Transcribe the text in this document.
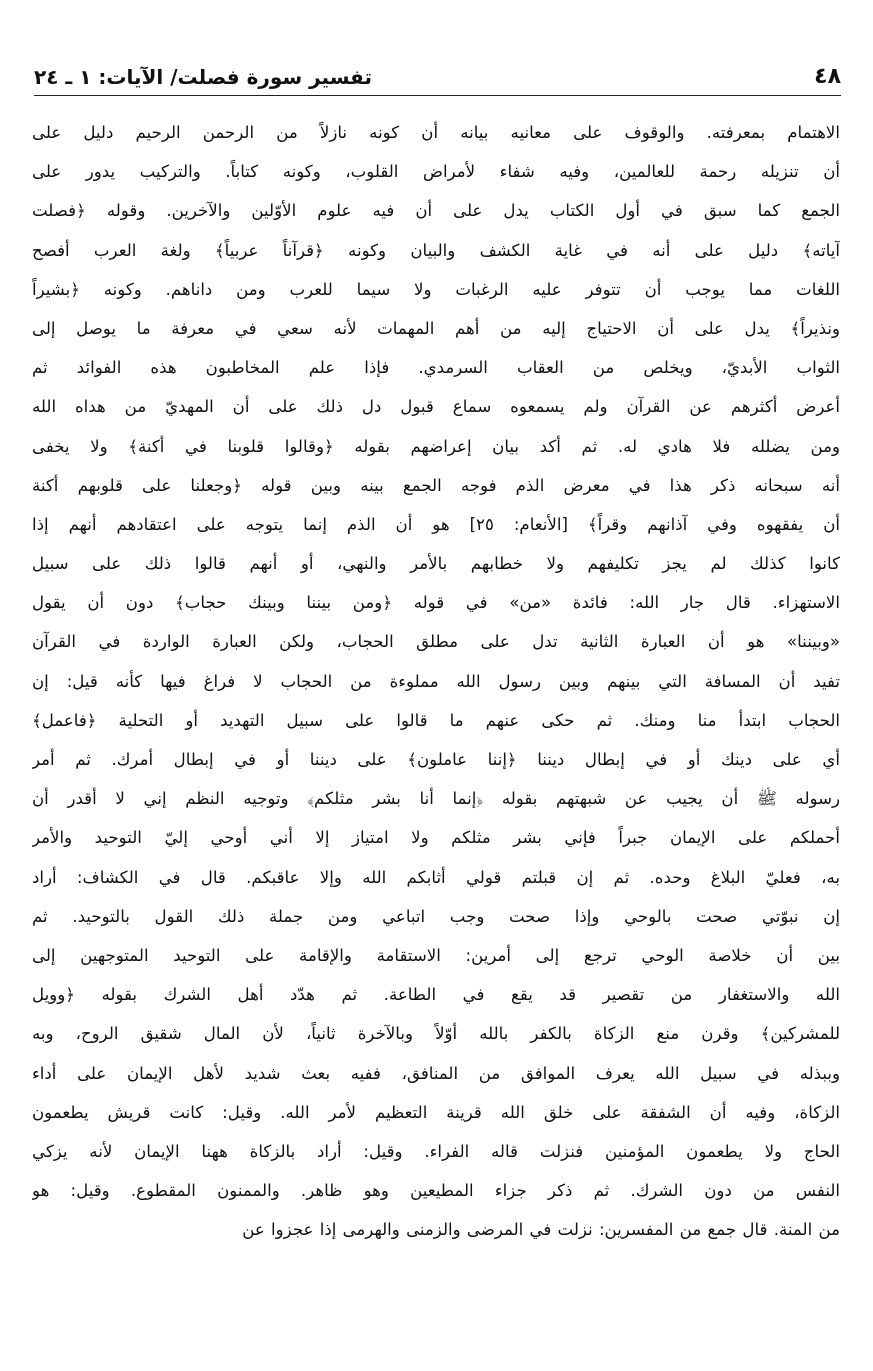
٤٨
تفسير سورة فصلت/ الآيات: ١ ـ ٢٤
الاهتمام بمعرفته. والوقوف على معانيه بيانه أن كونه نازلاً من الرحمن الرحيم دليل على
أن تنزيله رحمة للعالمين، وفيه شفاء لأمراض القلوب، وكونه كتاباً. والتركيب يدور على
الجمع كما سبق في أول الكتاب يدل على أن فيه علوم الأوّلين والآخرين. وقوله ﴿فصلت
آياته﴾ دليل على أنه في غاية الكشف والبيان وكونه ﴿قرآناً عربياً﴾ ولغة العرب أفصح
اللغات مما يوجب أن تتوفر عليه الرغبات ولا سيما للعرب ومن داناهم. وكونه ﴿بشيراً
ونذيراً﴾ يدل على أن الاحتياج إليه من أهم المهمات لأنه سعي في معرفة ما يوصل إلى
الثواب الأبديّ، ويخلص من العقاب السرمدي. فإذا علم المخاطبون هذه الفوائد ثم
أعرض أكثرهم عن القرآن ولم يسمعوه سماع قبول دل ذلك على أن المهديّ من هداه الله
ومن يضلله فلا هادي له. ثم أكد بيان إعراضهم بقوله ﴿وقالوا قلوبنا في أكنة﴾ ولا يخفى
أنه سبحانه ذكر هذا في معرض الذم فوجه الجمع بينه وبين قوله ﴿وجعلنا على قلوبهم أكنة
أن يفقهوه وفي آذانهم وقراً﴾ [الأنعام: ٢٥] هو أن الذم إنما يتوجه على اعتقادهم أنهم إذا
كانوا كذلك لم يجز تكليفهم ولا خطابهم بالأمر والنهي، أو أنهم قالوا ذلك على سبيل
الاستهزاء. قال جار الله: فائدة «من» في قوله ﴿ومن بيننا وبينك حجاب﴾ دون أن يقول
«وبيننا» هو أن العبارة الثانية تدل على مطلق الحجاب، ولكن العبارة الواردة في القرآن
تفيد أن المسافة التي بينهم وبين رسول الله مملوءة من الحجاب لا فراغ فيها كأنه قيل: إن
الحجاب ابتدأ منا ومنك. ثم حكى عنهم ما قالوا على سبيل التهديد أو التحلية ﴿فاعمل﴾
أي على دينك أو في إبطال ديننا ﴿إننا عاملون﴾ على ديننا أو في إبطال أمرك. ثم أمر
رسوله ﷺ أن يجيب عن شبهتهم بقوله ﴿إنما أنا بشر مثلكم﴾ وتوجيه النظم إني لا أقدر أن
أحملكم على الإيمان جبراً فإني بشر مثلكم ولا امتياز إلا أني أوحي إليّ التوحيد والأمر
به، فعليّ البلاغ وحده. ثم إن قبلتم قولي أثابكم الله وإلا عاقبكم. قال في الكشاف: أراد
إن نبوّتي صحت بالوحي وإذا صحت وجب اتباعي ومن جملة ذلك القول بالتوحيد. ثم
بين أن خلاصة الوحي ترجع إلى أمرين: الاستقامة والإقامة على التوحيد المتوجهين إلى
الله والاستغفار من تقصير قد يقع في الطاعة. ثم هدّد أهل الشرك بقوله ﴿وويل
للمشركين﴾ وقرن منع الزكاة بالكفر بالله أوّلاً وبالآخرة ثانياً، لأن المال شقيق الروح، وبه
وببذله في سبيل الله يعرف الموافق من المنافق، ففيه بعث شديد لأهل الإيمان على أداء
الزكاة، وفيه أن الشفقة على خلق الله قرينة التعظيم لأمر الله. وقيل: كانت قريش يطعمون
الحاج ولا يطعمون المؤمنين فنزلت قاله الفراء. وقيل: أراد بالزكاة ههنا الإيمان لأنه يزكي
النفس من دون الشرك. ثم ذكر جزاء المطيعين وهو ظاهر. والممنون المقطوع. وقيل: هو
من المنة. قال جمع من المفسرين: نزلت في المرضى والزمنى والهرمى إذا عجزوا عن
